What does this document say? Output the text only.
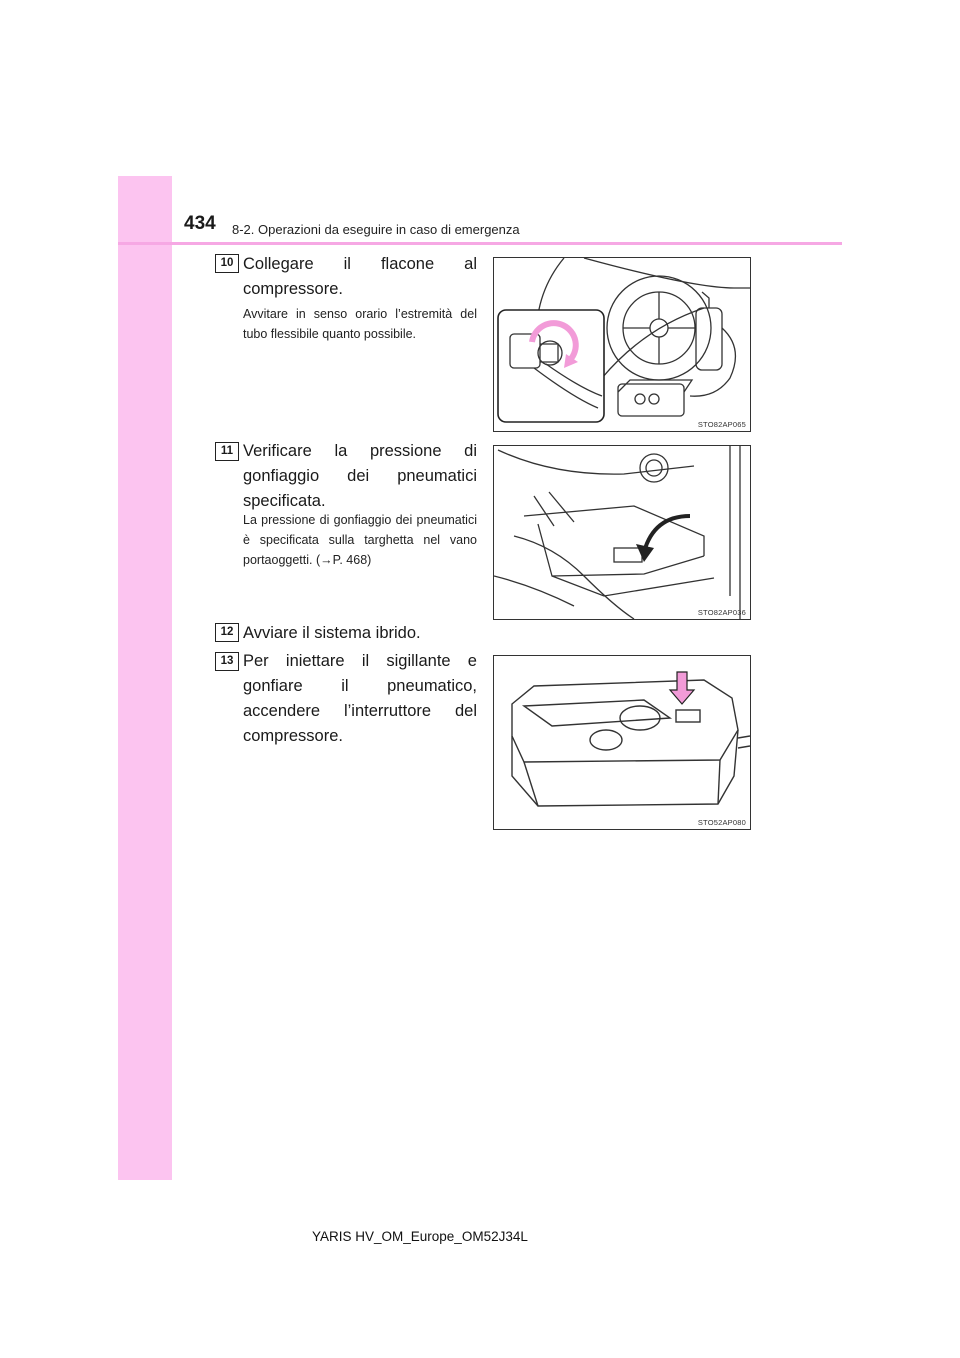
434 8-2. Operazioni da eseguire in caso di emergenza
10 Collegare il flacone al compressore.
Avvitare in senso orario l’estremità del tubo flessibile quanto possibile.
STO82AP065
11 Verificare la pressione di gonfiaggio dei pneumatici specificata.
La pressione di gonfiaggio dei pneumatici è specificata sulla targhetta nel vano portaoggetti. (→P. 468)
STO82AP036
12 Avviare il sistema ibrido.
13 Per iniettare il sigillante e gonfiare il pneumatico, accendere l’interruttore del compressore.
STO52AP080
YARIS HV_OM_Europe_OM52J34L
